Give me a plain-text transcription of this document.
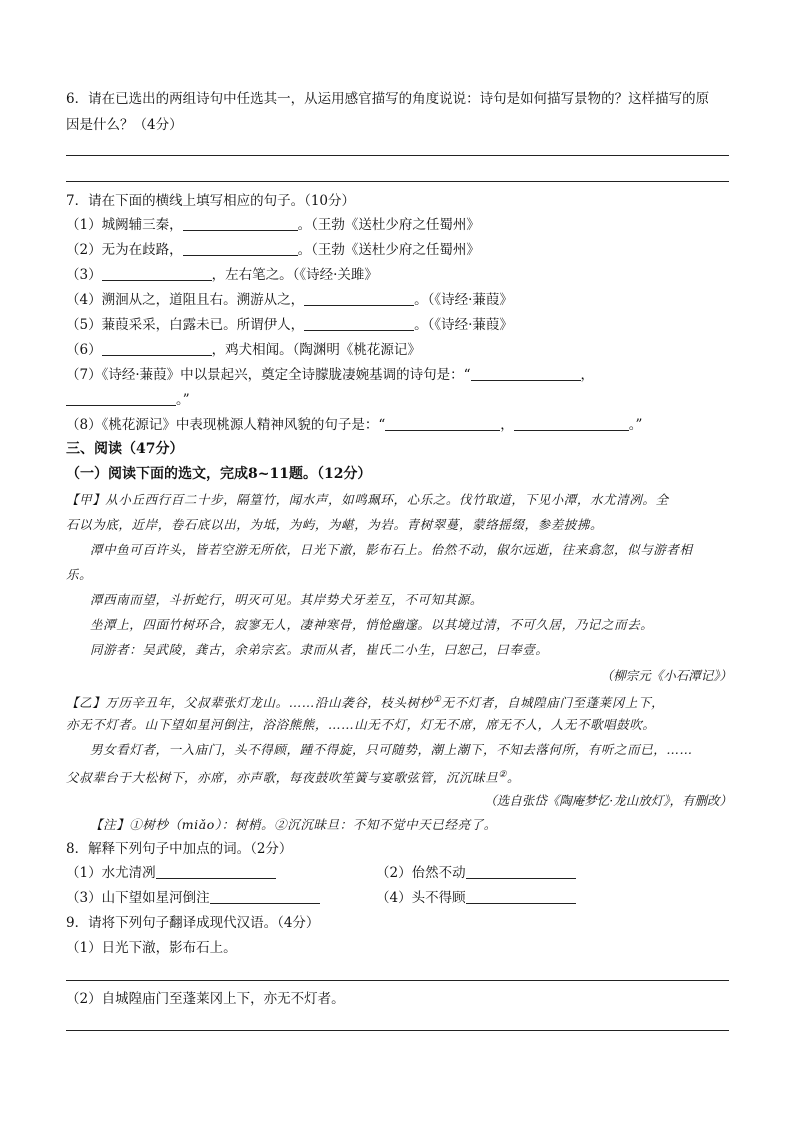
6．请在已选出的两组诗句中任选其一，从运用感官描写的角度说说：诗句是如何描写景物的？这样描写的原
因是什么？（4分）
7．请在下面的横线上填写相应的句子。（10分）
（1）城阙辅三秦，	。（王勃《送杜少府之任蜀州》
（2）无为在歧路，	。（王勃《送杜少府之任蜀州》
（3）	，左右笔之。（《诗经·关雎》
（4）溯洄从之，道阻且右。溯游从之，	。（《诗经·蒹葭》
（5）蒹葭采采，白露未已。所谓伊人，	。（《诗经·蒹葭》
（6）	，鸡犬相闻。（陶渊明《桃花源记》
（7）《诗经·蒹葭》中以景起兴，奠定全诗朦胧凄婉基调的诗句是：“	，
。”
（8）《桃花源记》中表现桃源人精神风貌的句子是：“	，	。”
三、阅读（47分）
（一）阅读下面的选文，完成8~11题。（12分）
【甲】从小丘西行百二十步，隔篁竹，闻水声，如鸣珮环，心乐之。伐竹取道，下见小潭，水尤清冽。全
石以为底，近岸，卷石底以出，为坻，为屿，为嵁，为岩。青树翠蔓，蒙络摇缀，参差披拂。
潭中鱼可百许头，皆若空游无所依，日光下澈，影布石上。佁然不动，俶尔远逝，往来翕忽，似与游者相
乐。
潭西南而望，斗折蛇行，明灭可见。其岸势犬牙差互，不可知其源。
坐潭上，四面竹树环合，寂寥无人，凄神寒骨，悄怆幽邃。以其境过清，不可久居，乃记之而去。
同游者：吴武陵，龚古，余弟宗玄。隶而从者，崔氏二小生，曰恕己，曰奉壹。
（柳宗元《小石潭记》）
【乙】万历辛丑年，父叔辈张灯龙山。……沿山袭谷，枝头树杪①无不灯者，自城隍庙门至蓬莱冈上下，
亦无不灯者。山下望如星河倒注，浴浴熊熊，……山无不灯，灯无不席，席无不人，人无不歌唱鼓吹。
男女看灯者，一入庙门，头不得顾，踵不得旋，只可随势，潮上潮下，不知去落何所，有听之而已，……
父叔辈台于大松树下，亦席，亦声歌，每夜鼓吹笙簧与宴歌弦管，沉沉昧旦②。
（选自张岱《陶庵梦忆·龙山放灯》，有删改）
【注】①树杪（miǎo）：树梢。②沉沉昧旦：不知不觉中天已经亮了。
8．解释下列句子中加点的词。（2分）
（1）水尤清冽	（2）佁然不动
（3）山下望如星河倒注	（4）头不得顾
9．请将下列句子翻译成现代汉语。（4分）
（1）日光下澈，影布石上。
（2）自城隍庙门至蓬莱冈上下，亦无不灯者。
